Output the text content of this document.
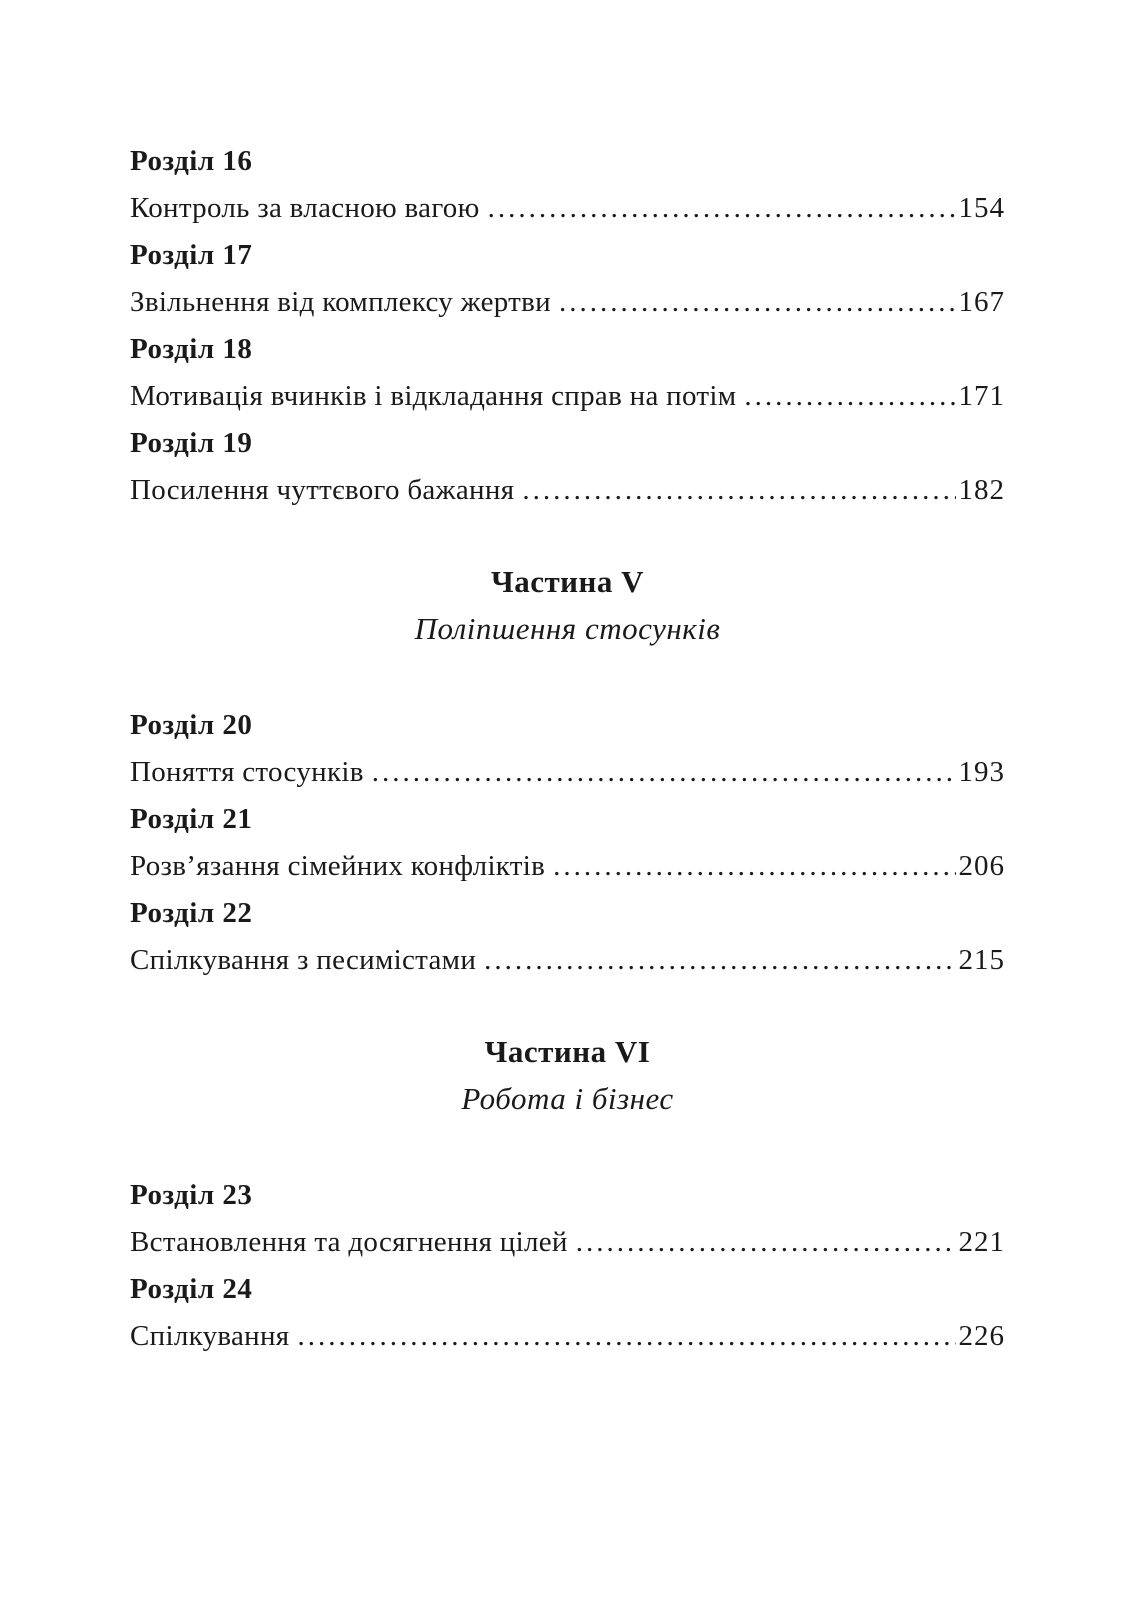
Розділ 16
Контроль за власною вагою .....	154
Розділ 17
Звільнення від комплексу жертви .....	167
Розділ 18
Мотивація вчинків і відкладання справ на потім .....	171
Розділ 19
Посилення чуттєвого бажання .....	182
Частина V
Поліпшення стосунків
Розділ 20
Поняття стосунків .....	193
Розділ 21
Розв’язання сімейних конфліктів .....	206
Розділ 22
Спілкування з песимістами .....	215
Частина VI
Робота і бізнес
Розділ 23
Встановлення та досягнення цілей .....	221
Розділ 24
Спілкування .....	226
